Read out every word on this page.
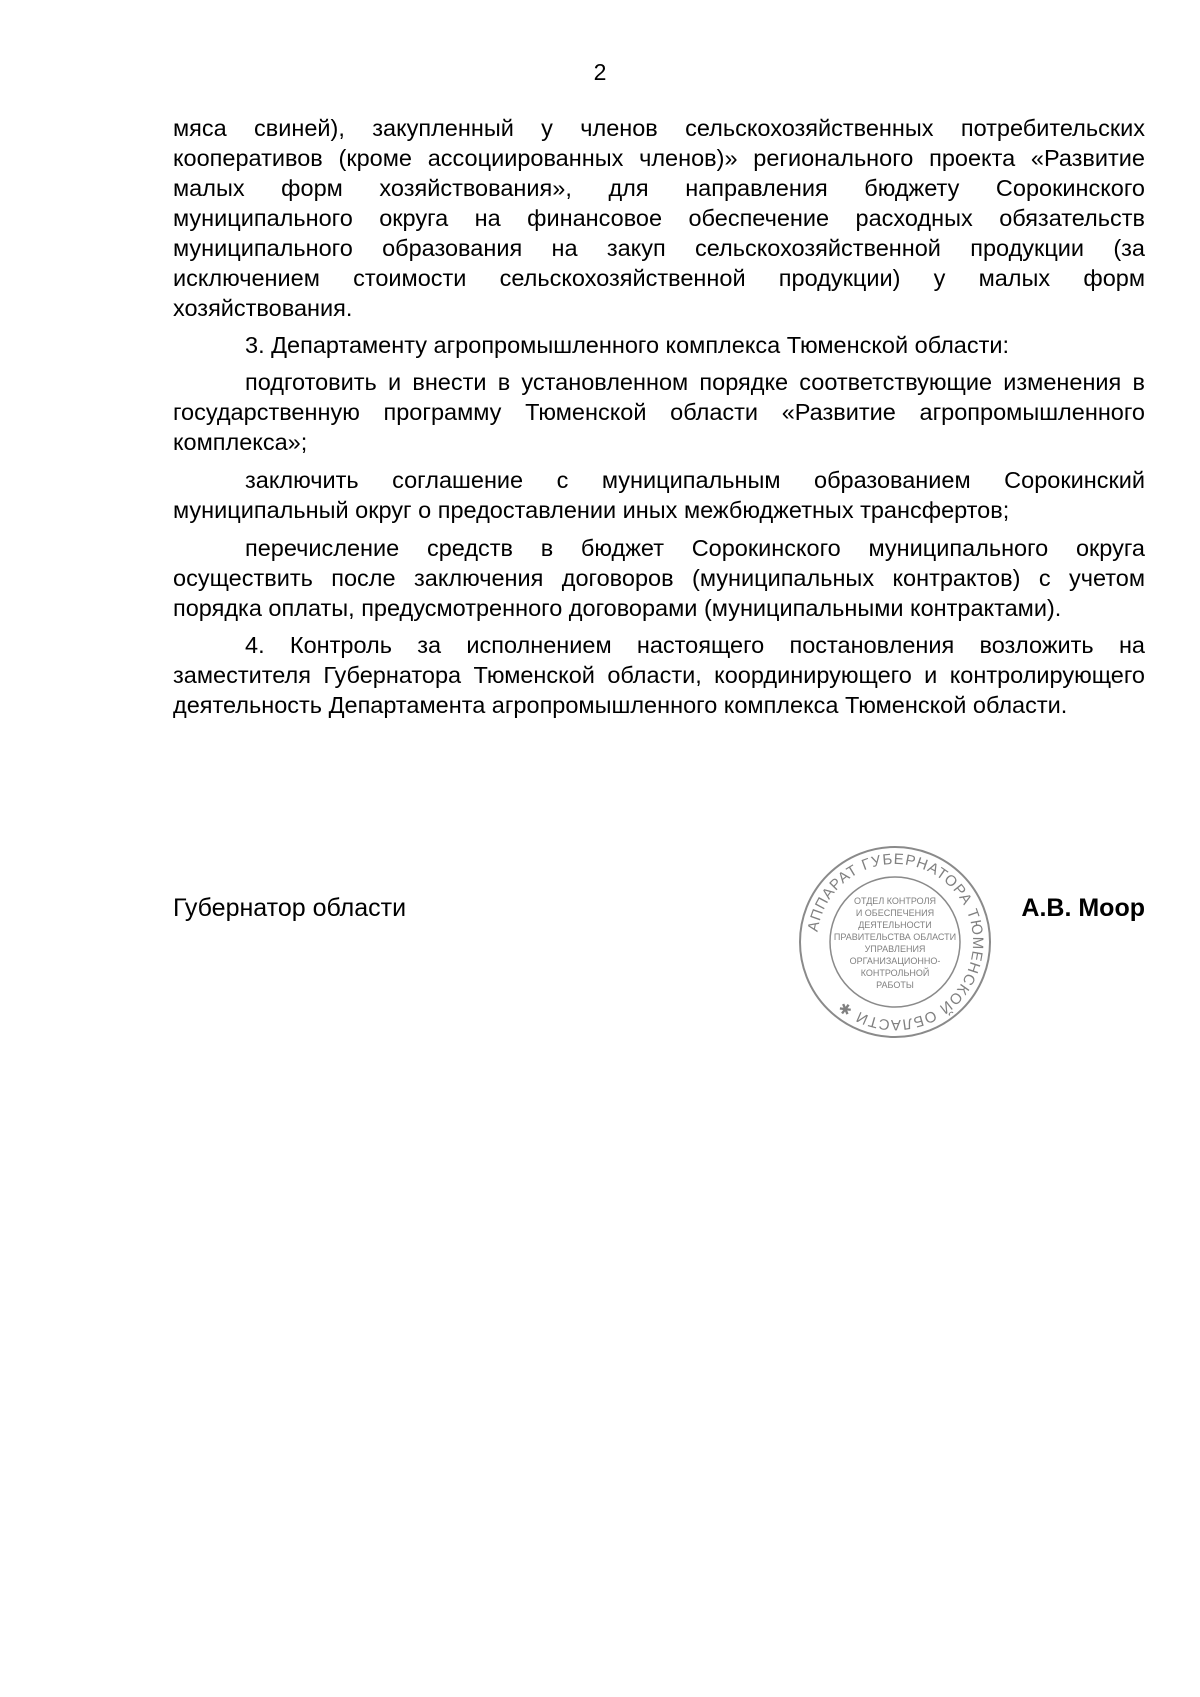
2

мяса свиней), закупленный у членов сельскохозяйственных потребительских кооперативов (кроме ассоциированных членов)» регионального проекта «Развитие малых форм хозяйствования», для направления бюджету Сорокинского муниципального округа на финансовое обеспечение расходных обязательств муниципального образования на закуп сельскохозяйственной продукции (за исключением стоимости сельскохозяйственной продукции) у малых форм хозяйствования.

3. Департаменту агропромышленного комплекса Тюменской области:

подготовить и внести в установленном порядке соответствующие изменения в государственную программу Тюменской области «Развитие агропромышленного комплекса»;

заключить соглашение с муниципальным образованием Сорокинский муниципальный округ о предоставлении иных межбюджетных трансфертов;

перечисление средств в бюджет Сорокинского муниципального округа осуществить после заключения договоров (муниципальных контрактов) с учетом порядка оплаты, предусмотренного договорами (муниципальными контрактами).

4. Контроль за исполнением настоящего постановления возложить на заместителя Губернатора Тюменской области, координирующего и контролирующего деятельность Департамента агропромышленного комплекса Тюменской области.

Губернатор области	А.В. Моор
АППАРАТ ГУБЕРНАТОРА ТЮМЕНСКОЙ ОБЛАСТИ ✱
ОТДЕЛ КОНТРОЛЯ
И ОБЕСПЕЧЕНИЯ
ДЕЯТЕЛЬНОСТИ
ПРАВИТЕЛЬСТВА ОБЛАСТИ
УПРАВЛЕНИЯ
ОРГАНИЗАЦИОННО-
КОНТРОЛЬНОЙ
РАБОТЫ
